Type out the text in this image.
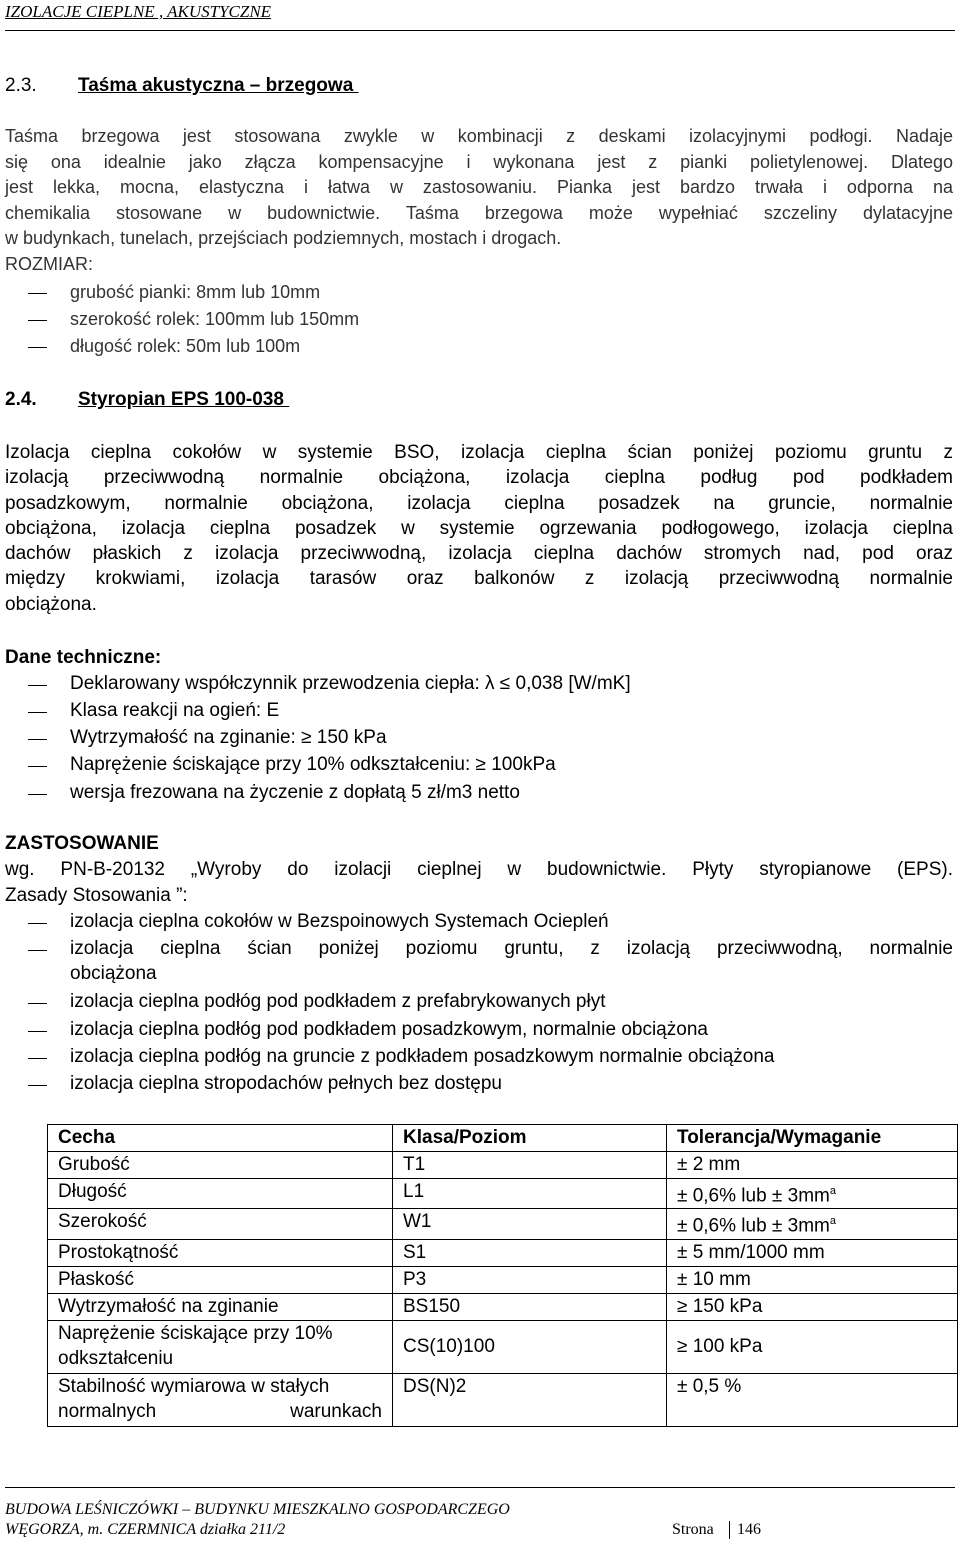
IZOLACJE CIEPLNE , AKUSTYCZNE
2.3. Taśma akustyczna – brzegowa
Taśma brzegowa jest stosowana zwykle w kombinacji z deskami izolacyjnymi podłogi. Nadaje
się ona idealnie jako złącza kompensacyjne i wykonana jest z pianki polietylenowej. Dlatego
jest lekka, mocna, elastyczna i łatwa w zastosowaniu. Pianka jest bardzo trwała i odporna na
chemikalia stosowane w budownictwie. Taśma brzegowa może wypełniać szczeliny dylatacyjne
w budynkach, tunelach, przejściach podziemnych, mostach i drogach.
ROZMIAR:
grubość pianki: 8mm lub 10mm
szerokość rolek: 100mm lub 150mm
długość rolek: 50m lub 100m
2.4. Styropian EPS 100-038
Izolacja cieplna cokołów w systemie BSO, izolacja cieplna ścian poniżej poziomu gruntu z
izolacją przeciwwodną normalnie obciążona, izolacja cieplna podług pod podkładem
posadzkowym, normalnie obciążona, izolacja cieplna posadzek na gruncie, normalnie
obciążona, izolacja cieplna posadzek w systemie ogrzewania podłogowego, izolacja cieplna
dachów płaskich z izolacja przeciwwodną, izolacja cieplna dachów stromych nad, pod oraz
między krokwiami, izolacja tarasów oraz balkonów z izolacją przeciwwodną normalnie
obciążona.
Dane techniczne:
Deklarowany współczynnik przewodzenia ciepła: λ ≤ 0,038 [W/mK]
Klasa reakcji na ogień: E
Wytrzymałość na zginanie: ≥ 150 kPa
Naprężenie ściskające przy 10% odkształceniu: ≥ 100kPa
wersja frezowana na życzenie z dopłatą 5 zł/m3 netto
ZASTOSOWANIE
wg. PN-B-20132 „Wyroby do izolacji cieplnej w budownictwie. Płyty styropianowe (EPS).
Zasady Stosowania ”:
izolacja cieplna cokołów w Bezspoinowych Systemach Ociepleń
izolacja cieplna ścian poniżej poziomu gruntu, z izolacją przeciwwodną, normalnie
obciążona
izolacja cieplna podłóg pod podkładem z prefabrykowanych płyt
izolacja cieplna podłóg pod podkładem posadzkowym, normalnie obciążona
izolacja cieplna podłóg na gruncie z podkładem posadzkowym normalnie obciążona
izolacja cieplna stropodachów pełnych bez dostępu
Cecha	Klasa/Poziom	Tolerancja/Wymaganie
Grubość	T1	± 2 mm
Długość	L1	± 0,6% lub ± $3mm^a$
Szerokość	W1	± 0,6% lub ± $3mm^a$
Prostokątność	S1	± 5 mm/1000 mm
Płaskość	P3	± 10 mm
Wytrzymałość na zginanie	BS150	≥ 150 kPa

Naprężenie ściskające przy 10%
odkształceniu	CS(10)100	≥ 100 kPa

Stabilność wymiarowa w stałych
normalnych warunkach	DS(N)2	± 0,5 %
BUDOWA LEŚNICZÓWKI – BUDYNKU MIESZKALNO GOSPODARCZEGO
WĘGORZA, m. CZERMNICA działka 211/2	Strona 146
